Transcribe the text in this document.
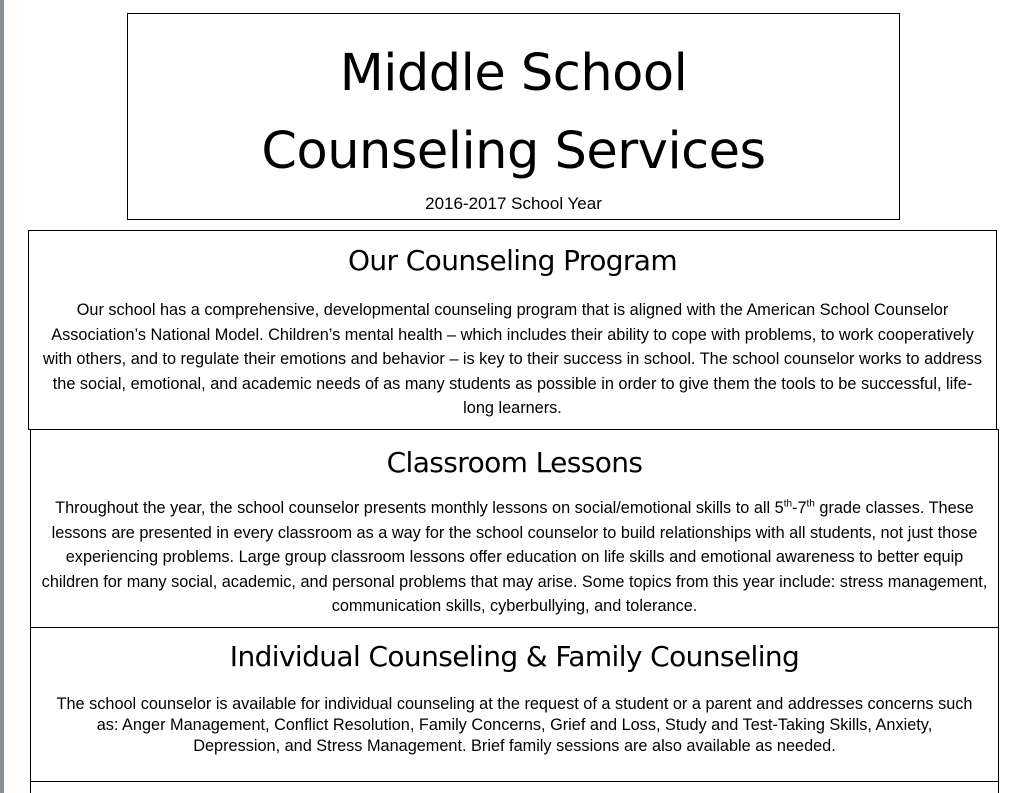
Middle School
Counseling Services
2016-2017 School Year
Our Counseling Program
Our school has a comprehensive, developmental counseling program that is aligned with the American School Counselor Association’s National Model. Children’s mental health – which includes their ability to cope with problems, to work cooperatively with others, and to regulate their emotions and behavior – is key to their success in school. The school counselor works to address the social, emotional, and academic needs of as many students as possible in order to give them the tools to be successful, life-long learners.
Classroom Lessons
Throughout the year, the school counselor presents monthly lessons on social/emotional skills to all 5th-7th grade classes. These lessons are presented in every classroom as a way for the school counselor to build relationships with all students, not just those experiencing problems. Large group classroom lessons offer education on life skills and emotional awareness to better equip children for many social, academic, and personal problems that may arise. Some topics from this year include: stress management, communication skills, cyberbullying, and tolerance.
Individual Counseling & Family Counseling
The school counselor is available for individual counseling at the request of a student or a parent and addresses concerns such as: Anger Management, Conflict Resolution, Family Concerns, Grief and Loss, Study and Test-Taking Skills, Anxiety, Depression, and Stress Management. Brief family sessions are also available as needed.
